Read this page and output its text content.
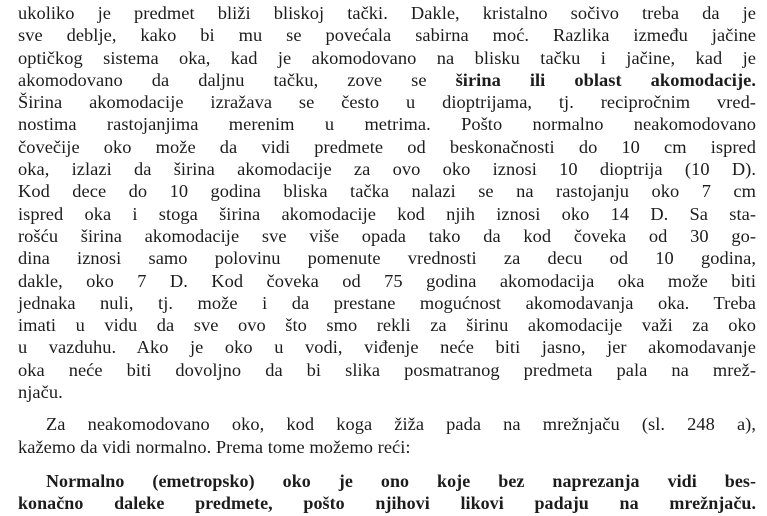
ukoliko je predmet bliži bliskoj tački. Dakle, kristalno sočivo treba da je
sve deblje, kako bi mu se povećala sabirna moć. Razlika između jačine
optičkog sistema oka, kad je akomodovano na blisku tačku i jačine, kad je
akomodovano da daljnu tačku, zove se širina ili oblast akomodacije.
Širina akomodacije izražava se često u dioptrijama, tj. recipročnim vred-
nostima rastojanjima merenim u metrima. Pošto normalno neakomodovano
čovečije oko može da vidi predmete od beskonačnosti do 10 cm ispred
oka, izlazi da širina akomodacije za ovo oko iznosi 10 dioptrija (10 D).
Kod dece do 10 godina bliska tačka nalazi se na rastojanju oko 7 cm
ispred oka i stoga širina akomodacije kod njih iznosi oko 14 D. Sa sta-
rošću širina akomodacije sve više opada tako da kod čoveka od 30 go-
dina iznosi samo polovinu pomenute vrednosti za decu od 10 godina,
dakle, oko 7 D. Kod čoveka od 75 godina akomodacija oka može biti
jednaka nuli, tj. može i da prestane mogućnost akomodavanja oka. Treba
imati u vidu da sve ovo što smo rekli za širinu akomodacije važi za oko
u vazduhu. Ako je oko u vodi, viđenje neće biti jasno, jer akomodavanje
oka neće biti dovoljno da bi slika posmatranog predmeta pala na mrež-
njaču.
Za neakomodovano oko, kod koga žiža pada na mrežnjaču (sl. 248 a),
kažemo da vidi normalno. Prema tome možemo reći:
Normalno (emetropsko) oko je ono koje bez naprezanja vidi bes-
konačno daleke predmete, pošto njihovi likovi padaju na mrežnjaču.
